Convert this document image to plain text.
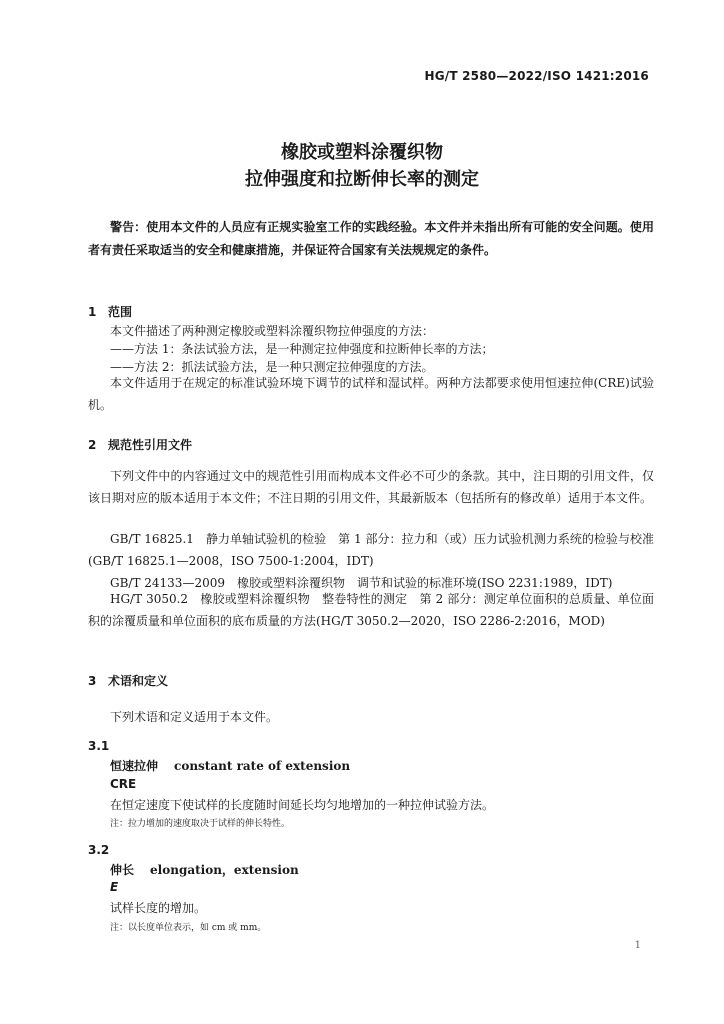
HG/T 2580—2022/ISO 1421:2016
橡胶或塑料涂覆织物
拉伸强度和拉断伸长率的测定
警告：使用本文件的人员应有正规实验室工作的实践经验。本文件并未指出所有可能的安全问题。使用者有责任采取适当的安全和健康措施，并保证符合国家有关法规规定的条件。
1 范围
本文件描述了两种测定橡胶或塑料涂覆织物拉伸强度的方法：
——方法 1：条法试验方法，是一种测定拉伸强度和拉断伸长率的方法；
——方法 2：抓法试验方法，是一种只测定拉伸强度的方法。
本文件适用于在规定的标准试验环境下调节的试样和湿试样。两种方法都要求使用恒速拉伸(CRE)试验机。
2 规范性引用文件
下列文件中的内容通过文中的规范性引用而构成本文件必不可少的条款。其中，注日期的引用文件，仅该日期对应的版本适用于本文件；不注日期的引用文件，其最新版本（包括所有的修改单）适用于本文件。
GB/T 16825.1　静力单轴试验机的检验　第 1 部分：拉力和（或）压力试验机测力系统的检验与校准(GB/T 16825.1—2008，ISO 7500-1:2004，IDT)
GB/T 24133—2009　橡胶或塑料涂覆织物　调节和试验的标准环境(ISO 2231:1989，IDT)
HG/T 3050.2　橡胶或塑料涂覆织物　整卷特性的测定　第 2 部分：测定单位面积的总质量、单位面积的涂覆质量和单位面积的底布质量的方法(HG/T 3050.2—2020，ISO 2286-2:2016，MOD)
3 术语和定义
下列术语和定义适用于本文件。
3.1
恒速拉伸 constant rate of extension
CRE
在恒定速度下使试样的长度随时间延长均匀地增加的一种拉伸试验方法。
注：拉力增加的速度取决于试样的伸长特性。
3.2
伸长 elongation，extension
E
试样长度的增加。
注：以长度单位表示，如 cm 或 mm。
1
